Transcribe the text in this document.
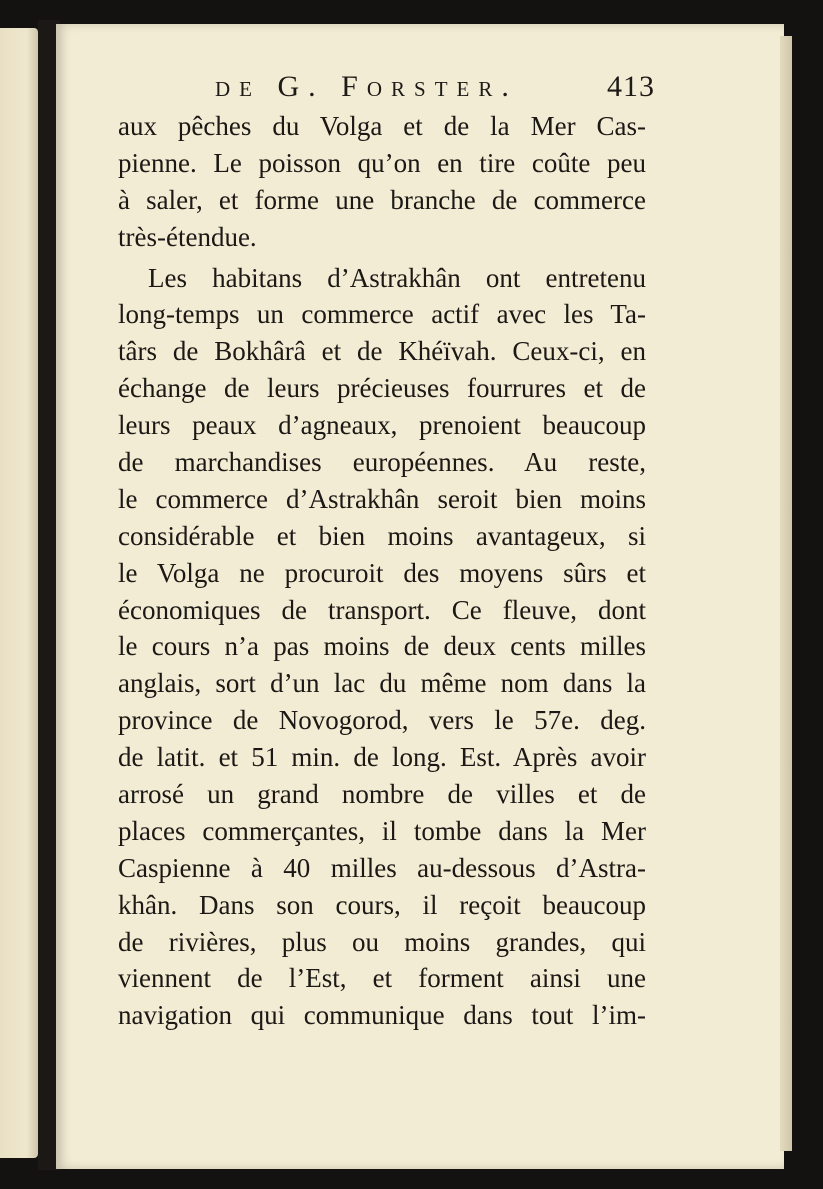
de G. Forster.	413
aux pêches du Volga et de la Mer Cas-
pienne. Le poisson qu’on en tire coûte peu
à saler, et forme une branche de commerce
très-étendue.
Les habitans d’Astrakhân ont entretenu
long-temps un commerce actif avec les Ta-
târs de Bokhârâ et de Khéïvah. Ceux-ci, en
échange de leurs précieuses fourrures et de
leurs peaux d’agneaux, prenoient beaucoup
de marchandises européennes. Au reste,
le commerce d’Astrakhân seroit bien moins
considérable et bien moins avantageux, si
le Volga ne procuroit des moyens sûrs et
économiques de transport. Ce fleuve, dont
le cours n’a pas moins de deux cents milles
anglais, sort d’un lac du même nom dans la
province de Novogorod, vers le 57e. deg.
de latit. et 51 min. de long. Est. Après avoir
arrosé un grand nombre de villes et de
places commerçantes, il tombe dans la Mer
Caspienne à 40 milles au-dessous d’Astra-
khân. Dans son cours, il reçoit beaucoup
de rivières, plus ou moins grandes, qui
viennent de l’Est, et forment ainsi une
navigation qui communique dans tout l’im-
